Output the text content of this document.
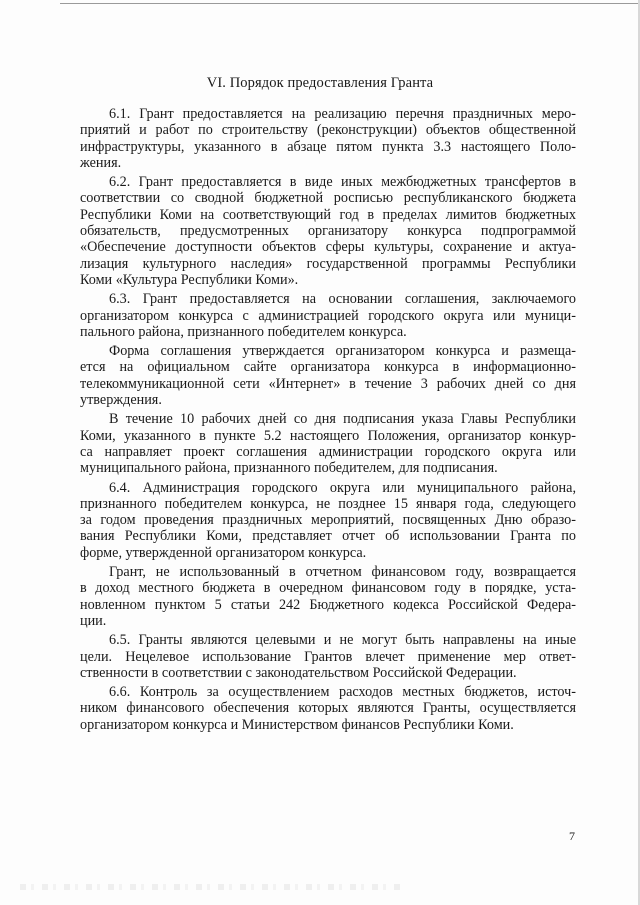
VI. Порядок предоставления Гранта
6.1. Грант предоставляется на реализацию перечня праздничных меро-
приятий и работ по строительству (реконструкции) объектов общественной
инфраструктуры, указанного в абзаце пятом пункта 3.3 настоящего Поло-
жения.
6.2. Грант предоставляется в виде иных межбюджетных трансфертов в
соответствии со сводной бюджетной росписью республиканского бюджета
Республики Коми на соответствующий год в пределах лимитов бюджетных
обязательств, предусмотренных организатору конкурса подпрограммой
«Обеспечение доступности объектов сферы культуры, сохранение и актуа-
лизация культурного наследия» государственной программы Республики
Коми «Культура Республики Коми».
6.3. Грант предоставляется на основании соглашения, заключаемого
организатором конкурса с администрацией городского округа или муници-
пального района, признанного победителем конкурса.
Форма соглашения утверждается организатором конкурса и размеща-
ется на официальном сайте организатора конкурса в информационно-
телекоммуникационной сети «Интернет» в течение 3 рабочих дней со дня
утверждения.
В течение 10 рабочих дней со дня подписания указа Главы Республики
Коми, указанного в пункте 5.2 настоящего Положения, организатор конкур-
са направляет проект соглашения администрации городского округа или
муниципального района, признанного победителем, для подписания.
6.4. Администрация городского округа или муниципального района,
признанного победителем конкурса, не позднее 15 января года, следующего
за годом проведения праздничных мероприятий, посвященных Дню образо-
вания Республики Коми, представляет отчет об использовании Гранта по
форме, утвержденной организатором конкурса.
Грант, не использованный в отчетном финансовом году, возвращается
в доход местного бюджета в очередном финансовом году в порядке, уста-
новленном пунктом 5 статьи 242 Бюджетного кодекса Российской Федера-
ции.
6.5. Гранты являются целевыми и не могут быть направлены на иные
цели. Нецелевое использование Грантов влечет применение мер ответ-
ственности в соответствии с законодательством Российской Федерации.
6.6. Контроль за осуществлением расходов местных бюджетов, источ-
ником финансового обеспечения которых являются Гранты, осуществляется
организатором конкурса и Министерством финансов Республики Коми.
7
